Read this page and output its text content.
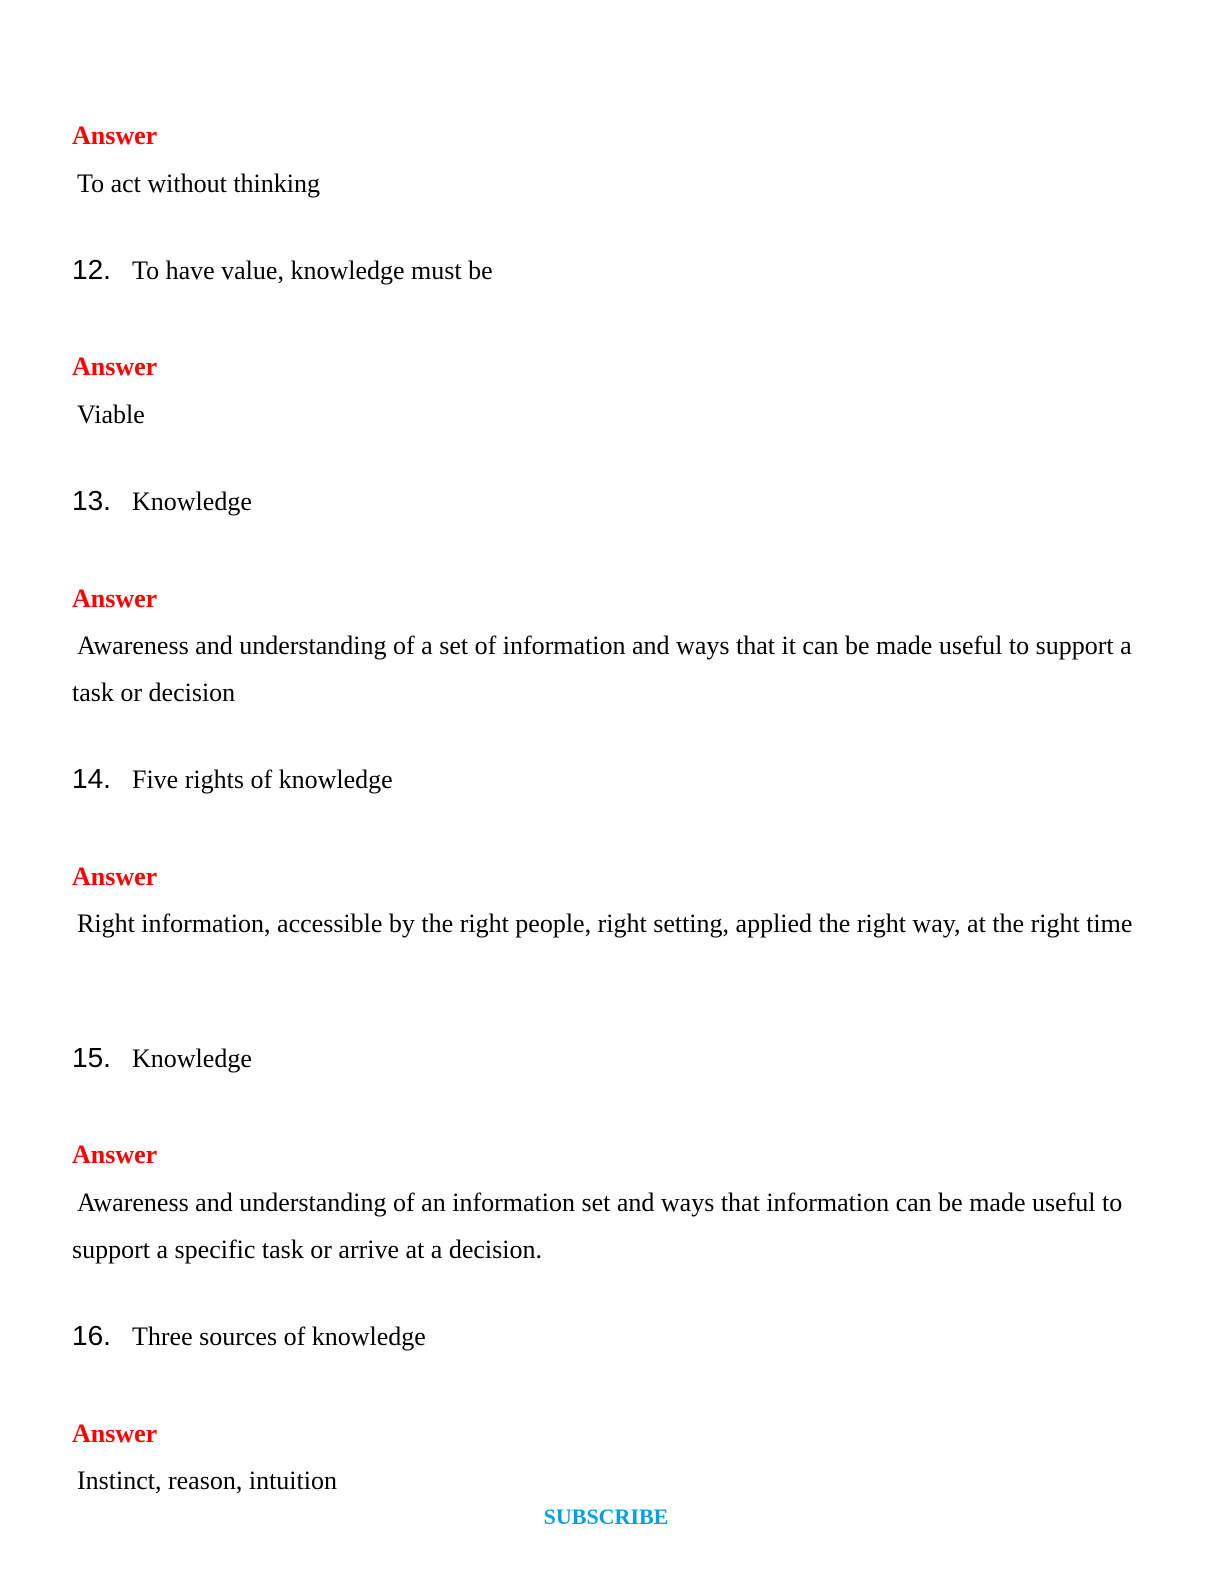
Answer

To act without thinking

12. To have value, knowledge must be
Answer

Viable

13. Knowledge
Answer

Awareness and understanding of a set of information and ways that it can be made useful to support a task or decision

14. Five rights of knowledge
Answer

Right information, accessible by the right people, right setting, applied the right way, at the right time

15. Knowledge
Answer

Awareness and understanding of an information set and ways that information can be made useful to support a specific task or arrive at a decision.

16. Three sources of knowledge
Answer

Instinct, reason, intuition

SUBSCRIBE
